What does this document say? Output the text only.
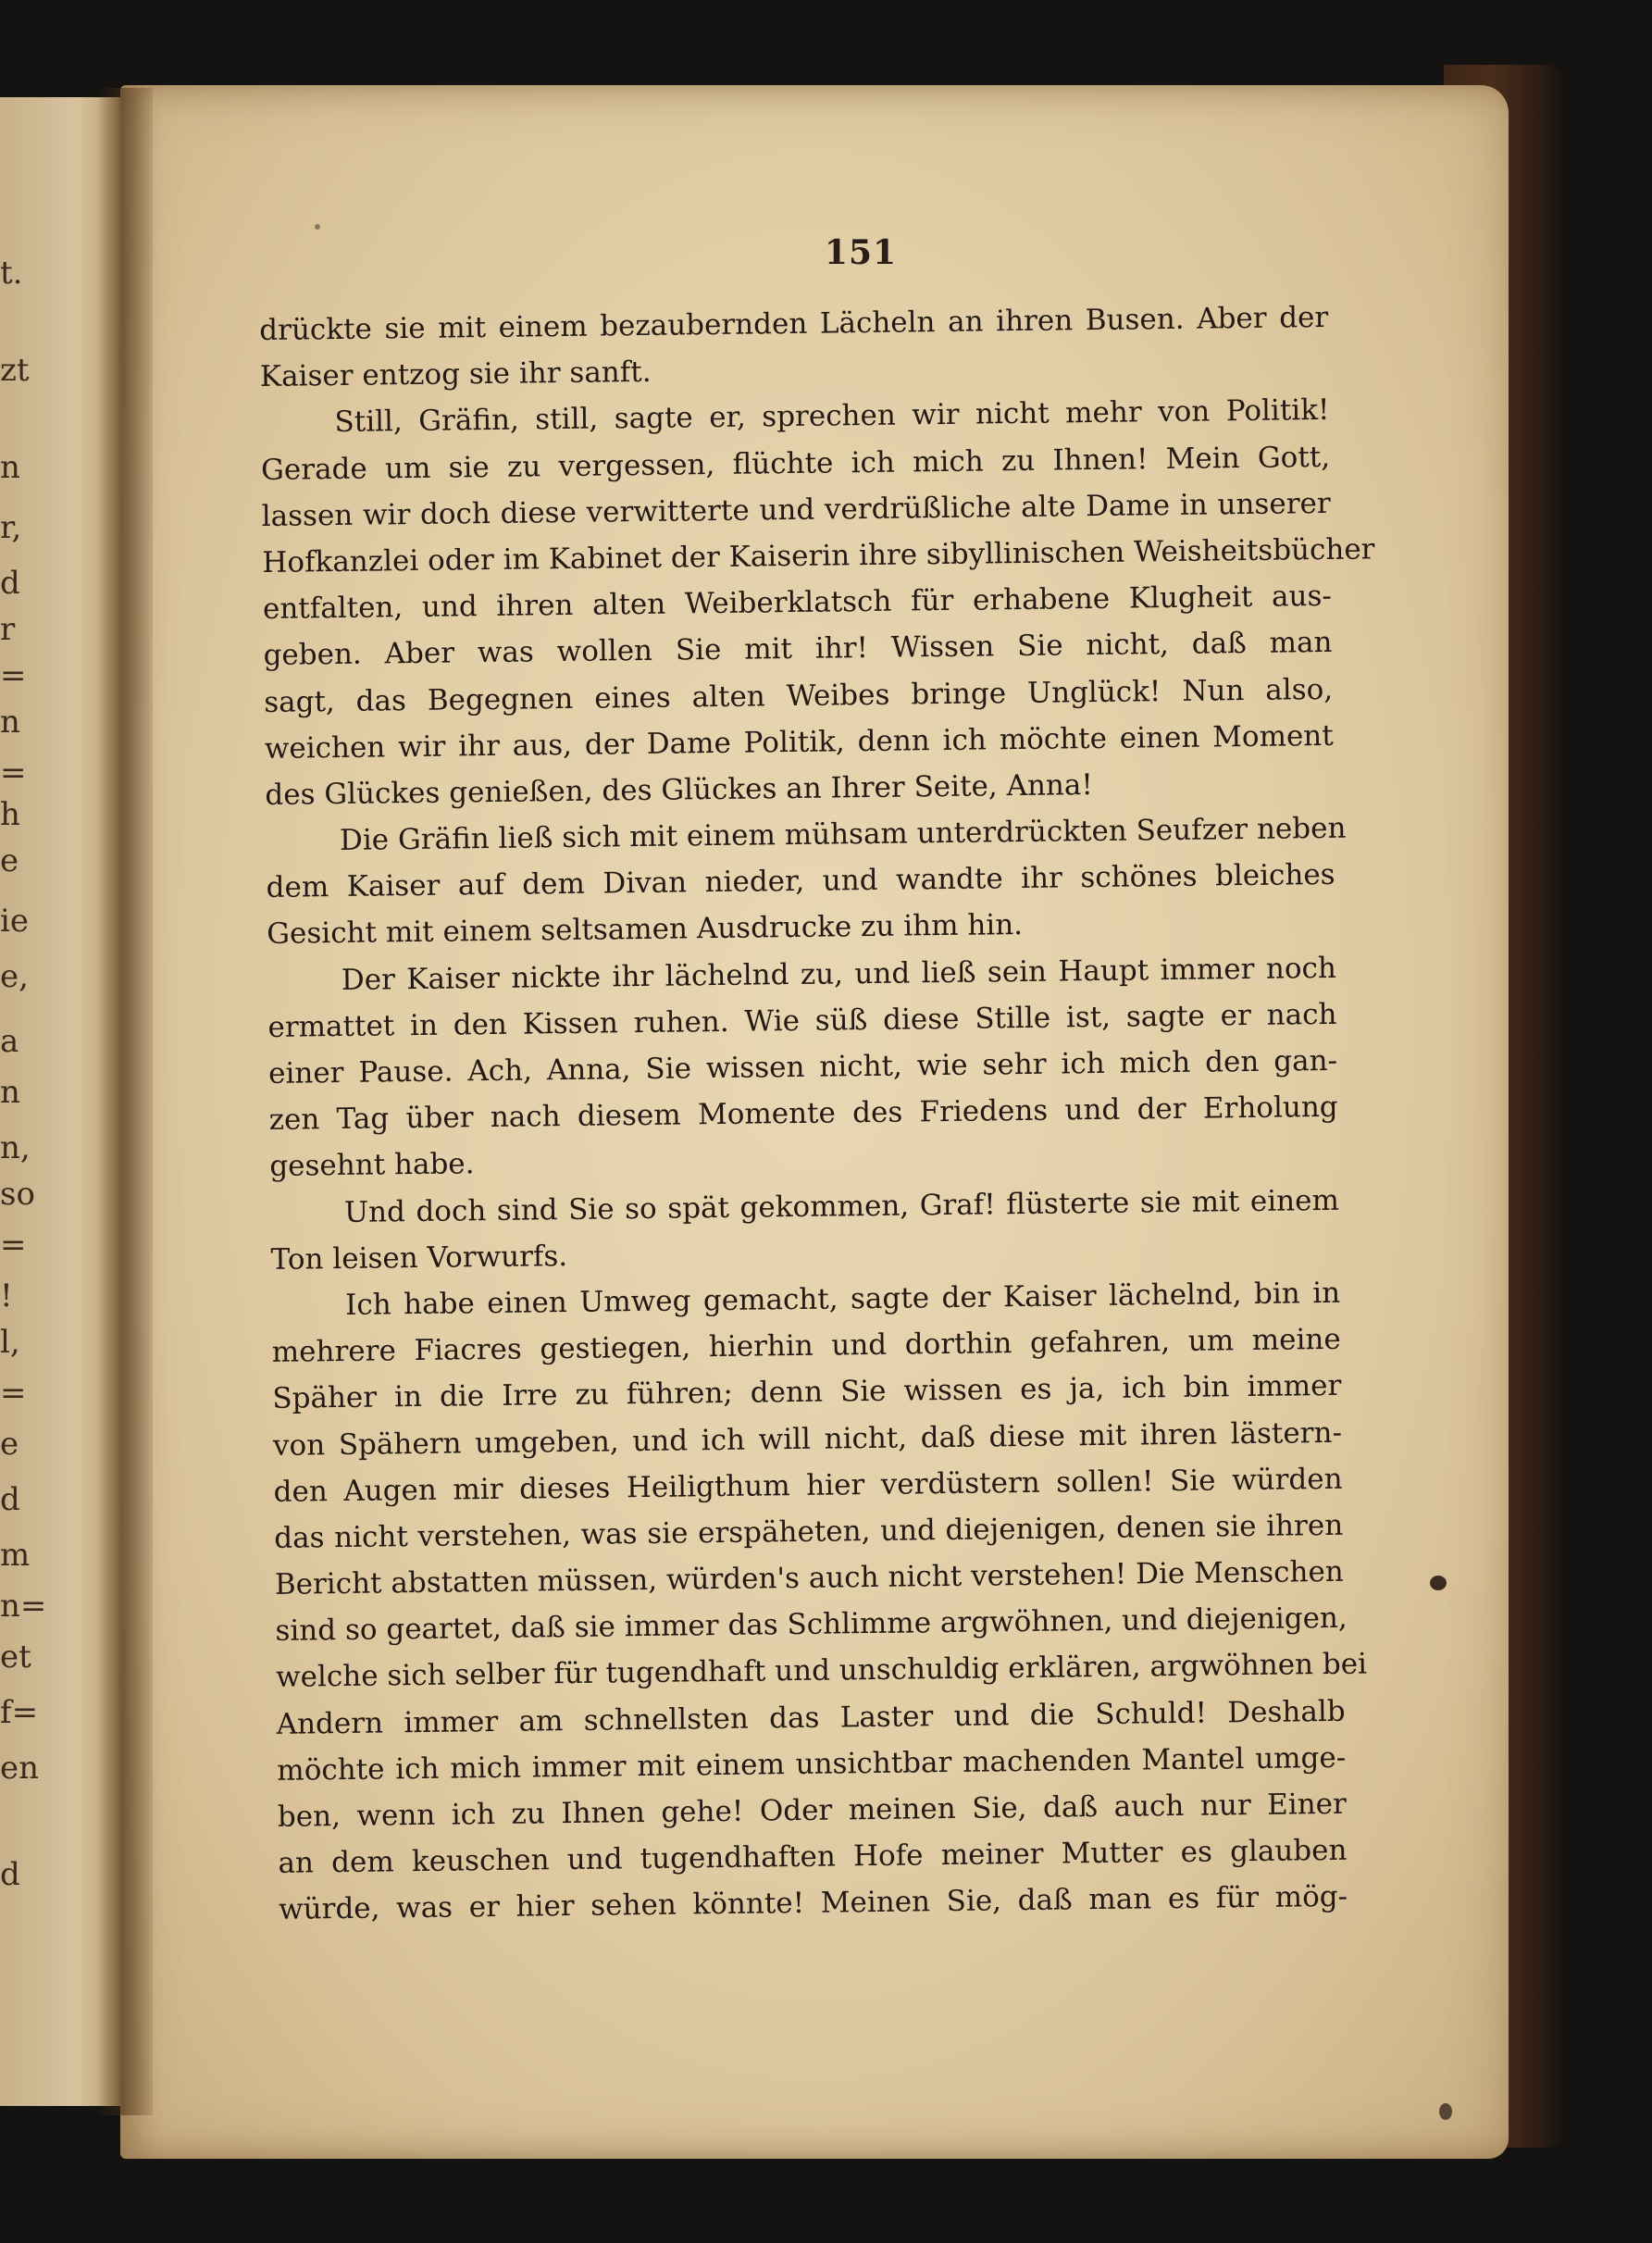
t.
zt
n
r,
d
r
=
n
=
h
e
ie
e,
a
n
n,
so
=
!
l,
=
e
d
m
n=
et
f=
en
d
151
drückte sie mit einem bezaubernden Lächeln an ihren Busen. Aber der
Kaiser entzog sie ihr sanft.
Still, Gräfin, still, sagte er, sprechen wir nicht mehr von Politik!
Gerade um sie zu vergessen, flüchte ich mich zu Ihnen! Mein Gott,
lassen wir doch diese verwitterte und verdrüßliche alte Dame in unserer
Hofkanzlei oder im Kabinet der Kaiserin ihre sibyllinischen Weisheitsbücher
entfalten, und ihren alten Weiberklatsch für erhabene Klugheit aus-
geben. Aber was wollen Sie mit ihr! Wissen Sie nicht, daß man
sagt, das Begegnen eines alten Weibes bringe Unglück! Nun also,
weichen wir ihr aus, der Dame Politik, denn ich möchte einen Moment
des Glückes genießen, des Glückes an Ihrer Seite, Anna!
Die Gräfin ließ sich mit einem mühsam unterdrückten Seufzer neben
dem Kaiser auf dem Divan nieder, und wandte ihr schönes bleiches
Gesicht mit einem seltsamen Ausdrucke zu ihm hin.
Der Kaiser nickte ihr lächelnd zu, und ließ sein Haupt immer noch
ermattet in den Kissen ruhen. Wie süß diese Stille ist, sagte er nach
einer Pause. Ach, Anna, Sie wissen nicht, wie sehr ich mich den gan-
zen Tag über nach diesem Momente des Friedens und der Erholung
gesehnt habe.
Und doch sind Sie so spät gekommen, Graf! flüsterte sie mit einem
Ton leisen Vorwurfs.
Ich habe einen Umweg gemacht, sagte der Kaiser lächelnd, bin in
mehrere Fiacres gestiegen, hierhin und dorthin gefahren, um meine
Späher in die Irre zu führen; denn Sie wissen es ja, ich bin immer
von Spähern umgeben, und ich will nicht, daß diese mit ihren lästern-
den Augen mir dieses Heiligthum hier verdüstern sollen! Sie würden
das nicht verstehen, was sie erspäheten, und diejenigen, denen sie ihren
Bericht abstatten müssen, würden's auch nicht verstehen! Die Menschen
sind so geartet, daß sie immer das Schlimme argwöhnen, und diejenigen,
welche sich selber für tugendhaft und unschuldig erklären, argwöhnen bei
Andern immer am schnellsten das Laster und die Schuld! Deshalb
möchte ich mich immer mit einem unsichtbar machenden Mantel umge-
ben, wenn ich zu Ihnen gehe! Oder meinen Sie, daß auch nur Einer
an dem keuschen und tugendhaften Hofe meiner Mutter es glauben
würde, was er hier sehen könnte! Meinen Sie, daß man es für mög-
